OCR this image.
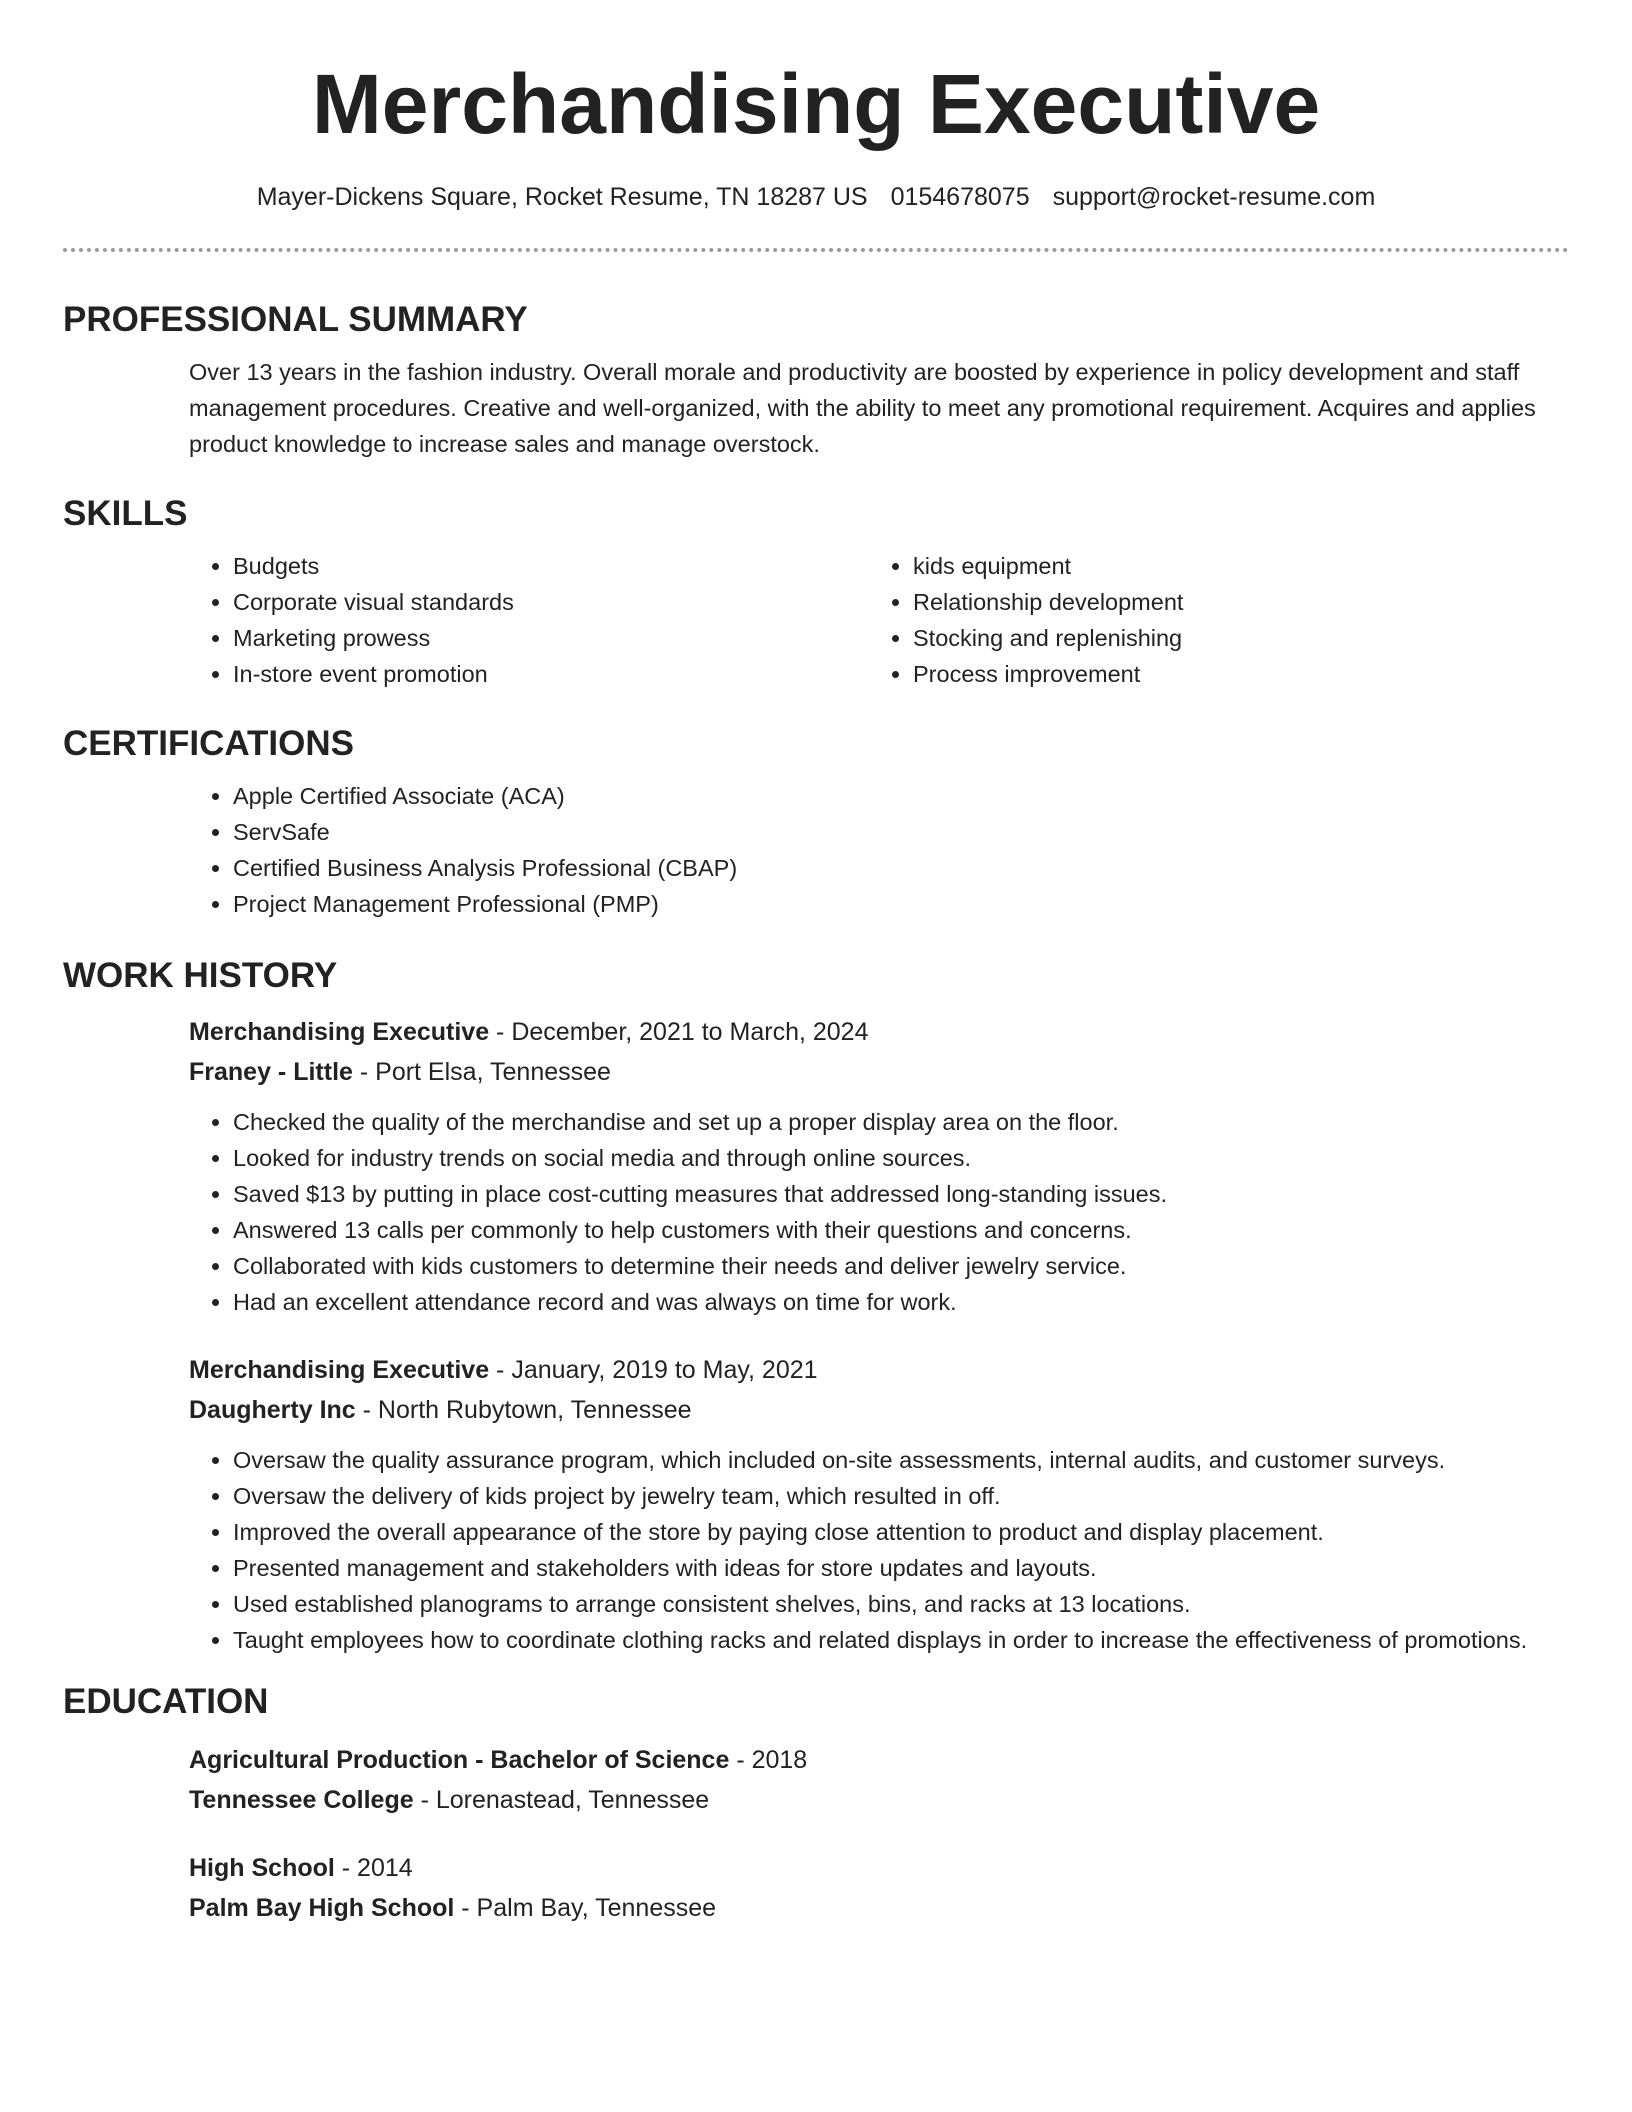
Merchandising Executive
Mayer-Dickens Square, Rocket Resume, TN 18287 US 0154678075 support@rocket-resume.com
PROFESSIONAL SUMMARY
Over 13 years in the fashion industry. Overall morale and productivity are boosted by experience in policy development and staff management procedures. Creative and well-organized, with the ability to meet any promotional requirement. Acquires and applies product knowledge to increase sales and manage overstock.
SKILLS
• Budgets
• Corporate visual standards
• Marketing prowess
• In-store event promotion
• kids equipment
• Relationship development
• Stocking and replenishing
• Process improvement
CERTIFICATIONS
• Apple Certified Associate (ACA)
• ServSafe
• Certified Business Analysis Professional (CBAP)
• Project Management Professional (PMP)
WORK HISTORY
Merchandising Executive - December, 2021 to March, 2024
Franey - Little - Port Elsa, Tennessee
• Checked the quality of the merchandise and set up a proper display area on the floor.
• Looked for industry trends on social media and through online sources.
• Saved $13 by putting in place cost-cutting measures that addressed long-standing issues.
• Answered 13 calls per commonly to help customers with their questions and concerns.
• Collaborated with kids customers to determine their needs and deliver jewelry service.
• Had an excellent attendance record and was always on time for work.
Merchandising Executive - January, 2019 to May, 2021
Daugherty Inc - North Rubytown, Tennessee
• Oversaw the quality assurance program, which included on-site assessments, internal audits, and customer surveys.
• Oversaw the delivery of kids project by jewelry team, which resulted in off.
• Improved the overall appearance of the store by paying close attention to product and display placement.
• Presented management and stakeholders with ideas for store updates and layouts.
• Used established planograms to arrange consistent shelves, bins, and racks at 13 locations.
• Taught employees how to coordinate clothing racks and related displays in order to increase the effectiveness of promotions.
EDUCATION
Agricultural Production - Bachelor of Science - 2018
Tennessee College - Lorenastead, Tennessee
High School - 2014
Palm Bay High School - Palm Bay, Tennessee
